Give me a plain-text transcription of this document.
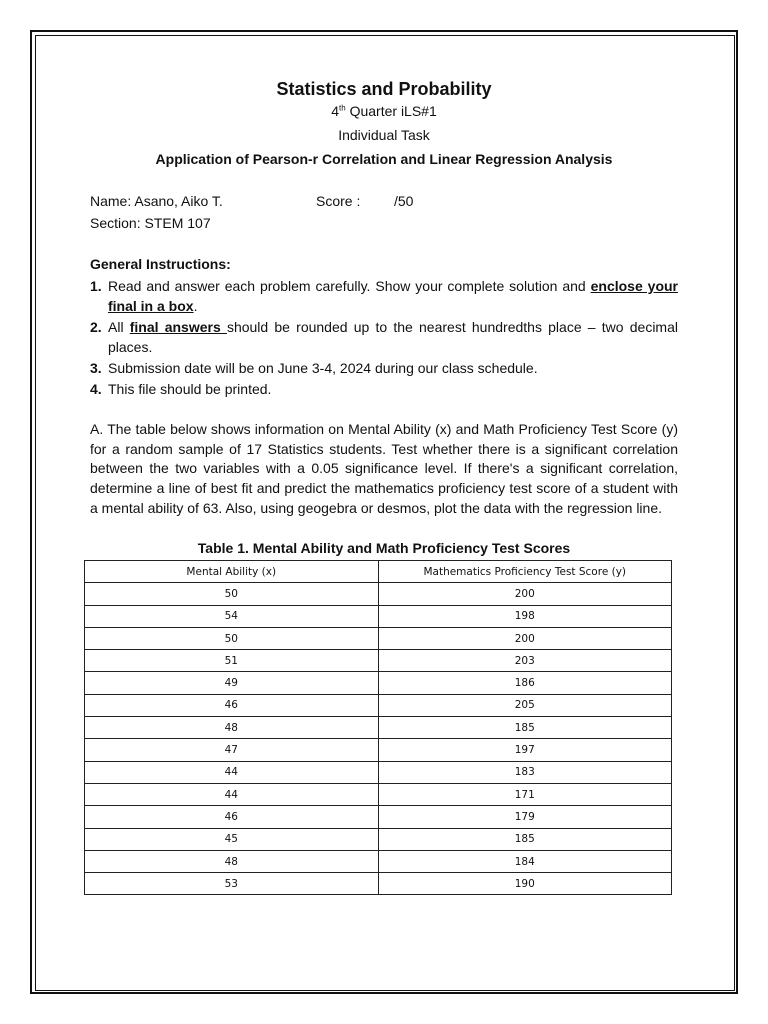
Statistics and Probability
4th Quarter iLS#1
Individual Task
Application of Pearson-r Correlation and Linear Regression Analysis
Name: Asano, Aiko T.	Score : /50
Section: STEM 107
General Instructions:
1. Read and answer each problem carefully. Show your complete solution and enclose your final in a box.
2. All final answers should be rounded up to the nearest hundredths place – two decimal places.
3. Submission date will be on June 3-4, 2024 during our class schedule.
4. This file should be printed.
A. The table below shows information on Mental Ability (x) and Math Proficiency Test Score (y) for a random sample of 17 Statistics students. Test whether there is a significant correlation between the two variables with a 0.05 significance level. If there's a significant correlation, determine a line of best fit and predict the mathematics proficiency test score of a student with a mental ability of 63. Also, using geogebra or desmos, plot the data with the regression line.
Table 1. Mental Ability and Math Proficiency Test Scores
Mental Ability (x)	Mathematics Proficiency Test Score (y)
50	200
54	198
50	200
51	203
49	186
46	205
48	185
47	197
44	183
44	171
46	179
45	185
48	184
53	190
